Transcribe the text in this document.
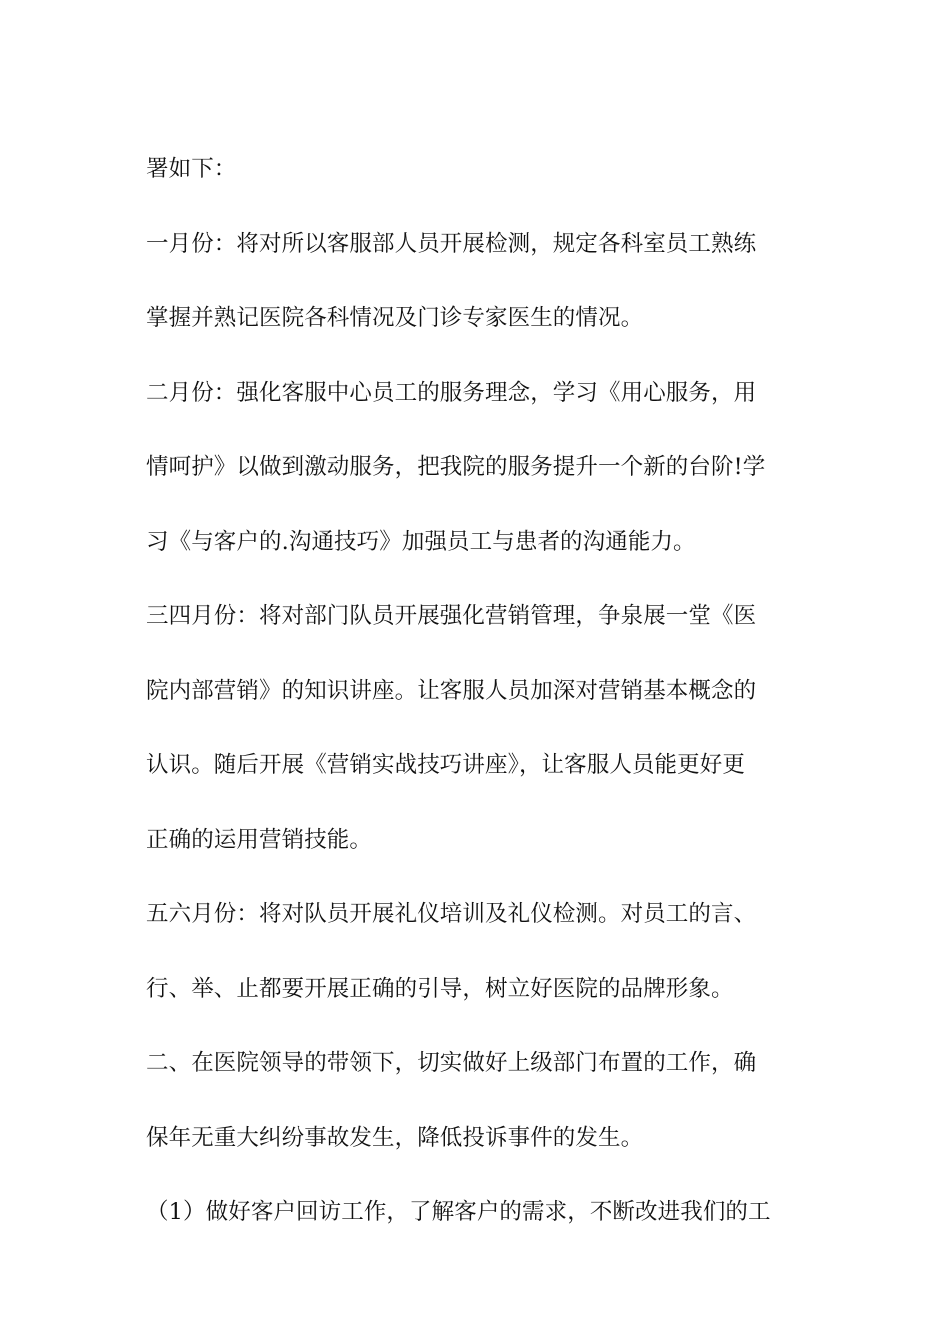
署如下：
一月份：将对所以客服部人员开展检测，规定各科室员工熟练
掌握并熟记医院各科情况及门诊专家医生的情况。
二月份：强化客服中心员工的服务理念，学习《用心服务，用
情呵护》以做到激动服务，把我院的服务提升一个新的台阶!学
习《与客户的.沟通技巧》加强员工与患者的沟通能力。
三四月份：将对部门队员开展强化营销管理，争泉展一堂《医
院内部营销》的知识讲座。让客服人员加深对营销基本概念的
认识。随后开展《营销实战技巧讲座》，让客服人员能更好更
正确的运用营销技能。
五六月份：将对队员开展礼仪培训及礼仪检测。对员工的言、
行、举、止都要开展正确的引导，树立好医院的品牌形象。
二、在医院领导的带领下，切实做好上级部门布置的工作，确
保年无重大纠纷事故发生，降低投诉事件的发生。
（1）做好客户回访工作，了解客户的需求，不断改进我们的工
